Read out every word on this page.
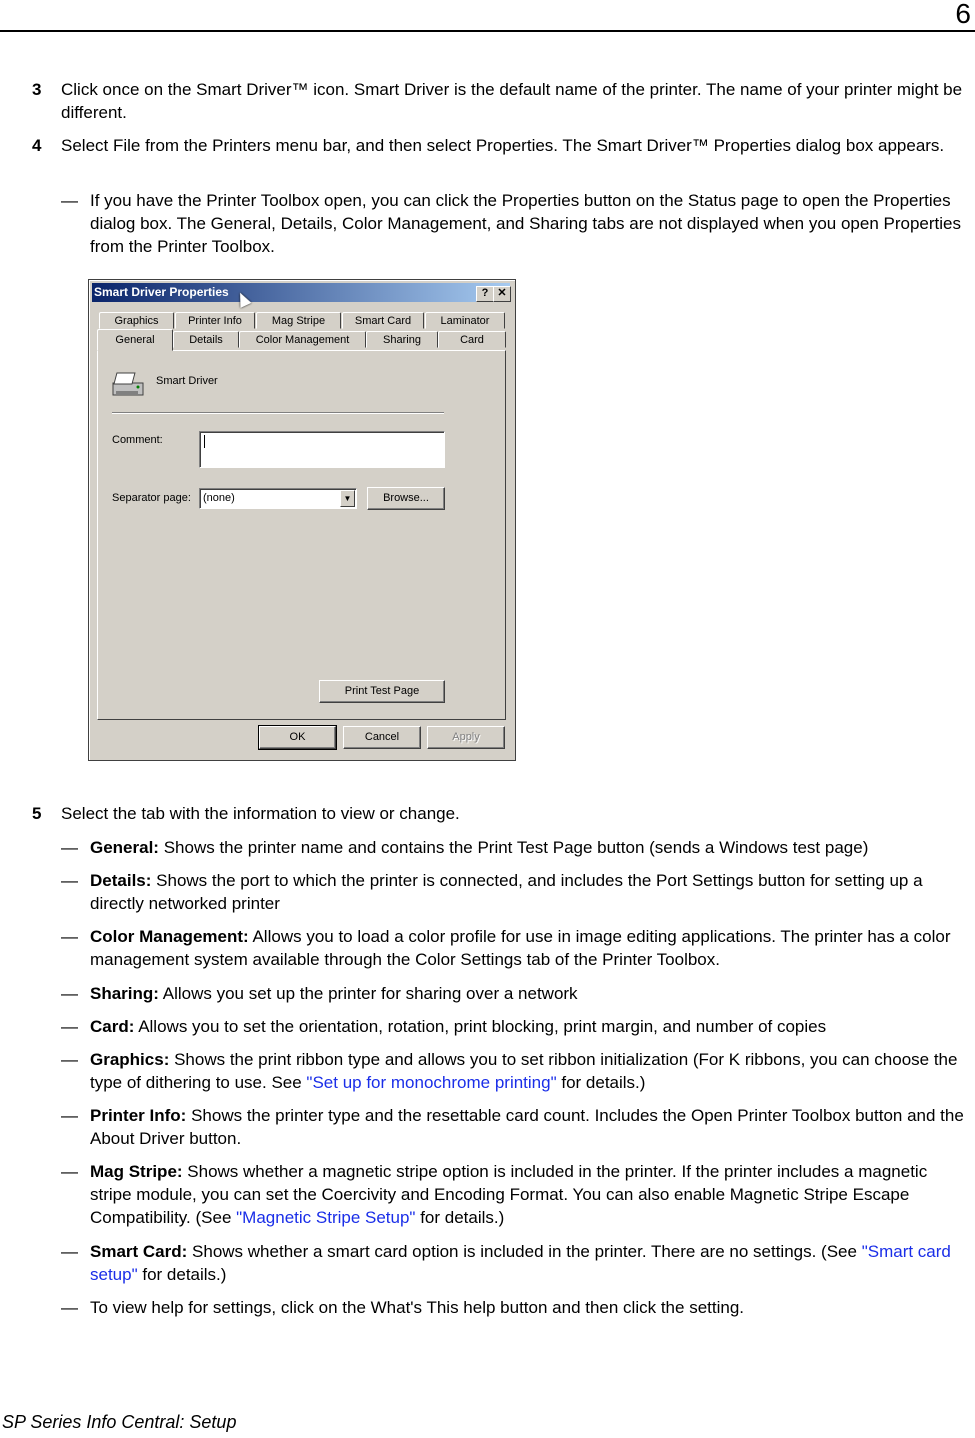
6
3 Click once on the Smart Driver™ icon. Smart Driver is the default name of the printer. The name of your printer might be different.
4 Select File from the Printers menu bar, and then select Properties. The Smart Driver™ Properties dialog box appears.
— If you have the Printer Toolbox open, you can click the Properties button on the Status page to open the Properties dialog box. The General, Details, Color Management, and Sharing tabs are not displayed when you open Properties from the Printer Toolbox.
Smart Driver Properties	? ✕
Graphics	Printer Info	Mag Stripe	Smart Card	Laminator
General	Details	Color Management	Sharing	Card
Smart Driver
Comment:
Separator page: (none)	▼	Browse...
Print Test Page
OK	Cancel	Apply
5 Select the tab with the information to view or change.
— General: Shows the printer name and contains the Print Test Page button (sends a Windows test page)
— Details: Shows the port to which the printer is connected, and includes the Port Settings button for setting up a directly networked printer
— Color Management: Allows you to load a color profile for use in image editing applications. The printer has a color management system available through the Color Settings tab of the Printer Toolbox.
— Sharing: Allows you set up the printer for sharing over a network
— Card: Allows you to set the orientation, rotation, print blocking, print margin, and number of copies
— Graphics: Shows the print ribbon type and allows you to set ribbon initialization (For K ribbons, you can choose the type of dithering to use. See "Set up for monochrome printing" for details.)
— Printer Info: Shows the printer type and the resettable card count. Includes the Open Printer Toolbox button and the About Driver button.
— Mag Stripe: Shows whether a magnetic stripe option is included in the printer. If the printer includes a magnetic stripe module, you can set the Coercivity and Encoding Format. You can also enable Magnetic Stripe Escape Compatibility. (See "Magnetic Stripe Setup" for details.)
— Smart Card: Shows whether a smart card option is included in the printer. There are no settings. (See "Smart card setup" for details.)
— To view help for settings, click on the What's This help button and then click the setting.
SP Series Info Central: Setup
